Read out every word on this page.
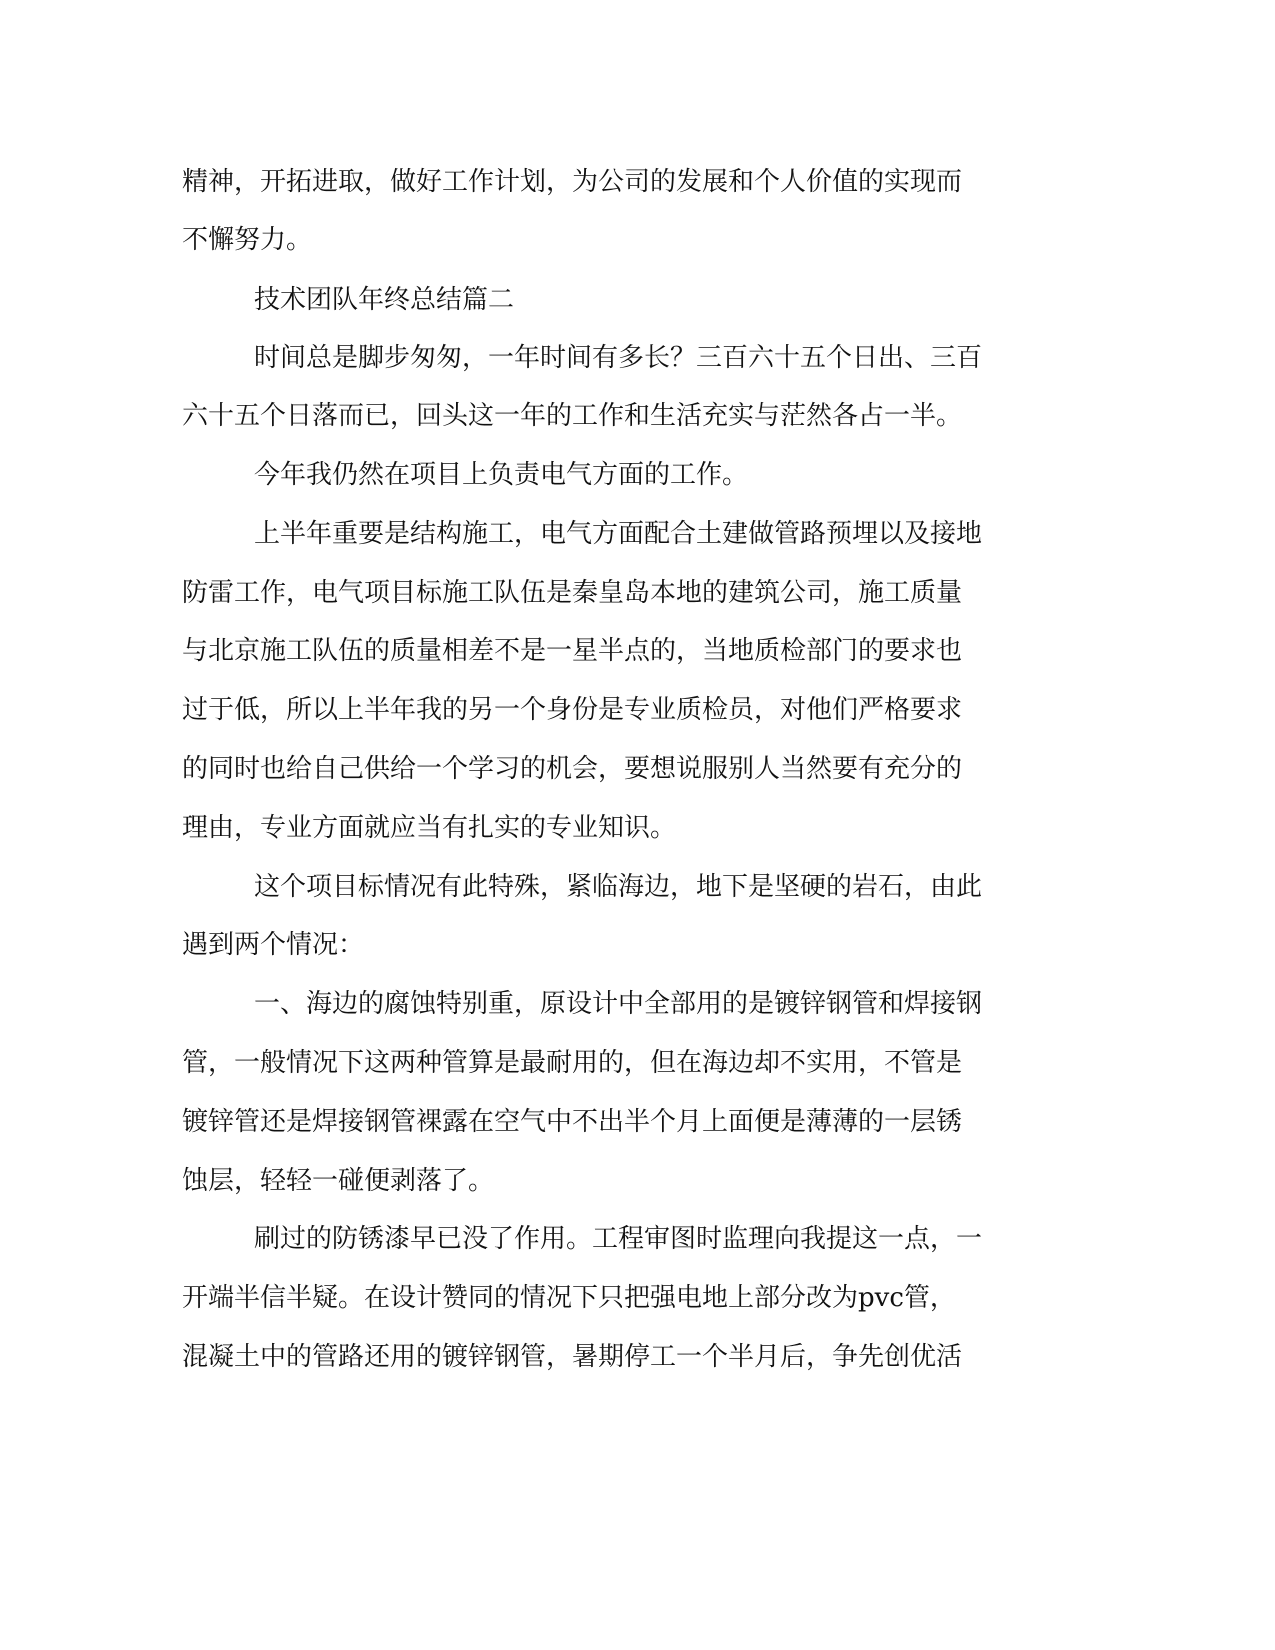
精神，开拓进取，做好工作计划，为公司的发展和个人价值的实现而
不懈努力。
技术团队年终总结篇二
时间总是脚步匆匆，一年时间有多长？三百六十五个日出、三百
六十五个日落而已，回头这一年的工作和生活充实与茫然各占一半。
今年我仍然在项目上负责电气方面的工作。
上半年重要是结构施工，电气方面配合土建做管路预埋以及接地
防雷工作，电气项目标施工队伍是秦皇岛本地的建筑公司，施工质量
与北京施工队伍的质量相差不是一星半点的，当地质检部门的要求也
过于低，所以上半年我的另一个身份是专业质检员，对他们严格要求
的同时也给自己供给一个学习的机会，要想说服别人当然要有充分的
理由，专业方面就应当有扎实的专业知识。
这个项目标情况有此特殊，紧临海边，地下是坚硬的岩石，由此
遇到两个情况：
一、海边的腐蚀特别重，原设计中全部用的是镀锌钢管和焊接钢
管，一般情况下这两种管算是最耐用的，但在海边却不实用，不管是
镀锌管还是焊接钢管裸露在空气中不出半个月上面便是薄薄的一层锈
蚀层，轻轻一碰便剥落了。
刷过的防锈漆早已没了作用。工程审图时监理向我提这一点，一
开端半信半疑。在设计赞同的情况下只把强电地上部分改为pvc管，
混凝土中的管路还用的镀锌钢管，暑期停工一个半月后，争先创优活
